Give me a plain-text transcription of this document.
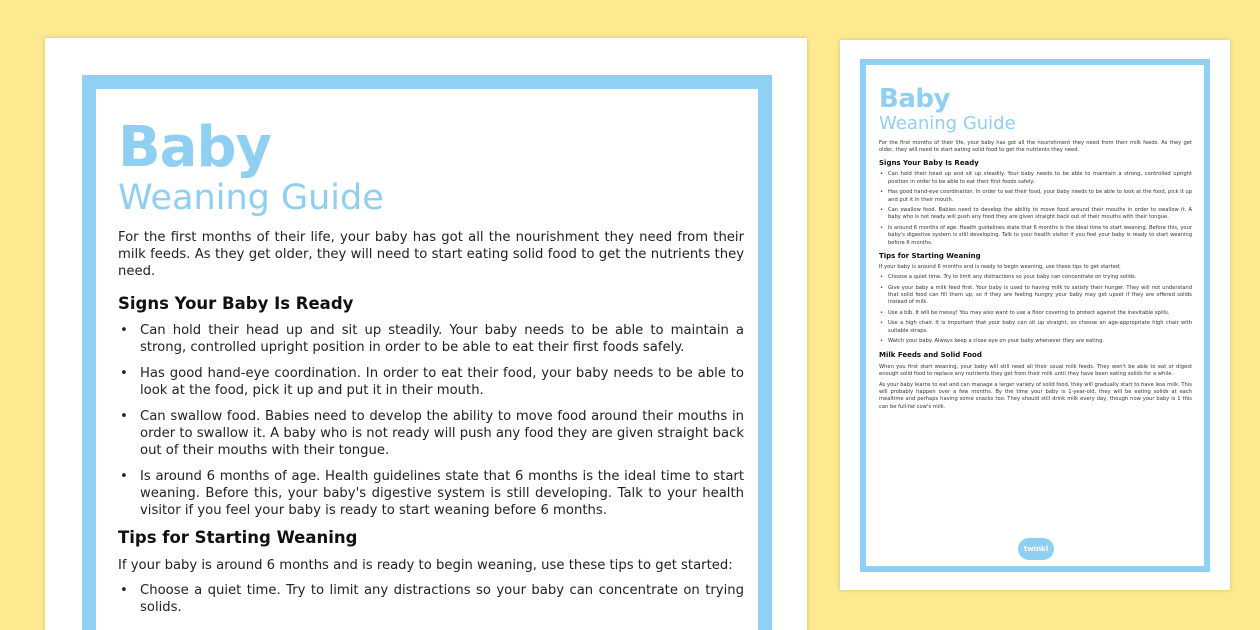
Baby
Weaning Guide

For the first months of their life, your baby has got all the nourishment they need from their milk feeds. As they get older, they will need to start eating solid food to get the nutrients they need.

Signs Your Baby Is Ready
• Can hold their head up and sit up steadily. Your baby needs to be able to maintain a strong, controlled upright position in order to be able to eat their first foods safely.
• Has good hand-eye coordination. In order to eat their food, your baby needs to be able to look at the food, pick it up and put it in their mouth.
• Can swallow food. Babies need to develop the ability to move food around their mouths in order to swallow it. A baby who is not ready will push any food they are given straight back out of their mouths with their tongue.
• Is around 6 months of age. Health guidelines state that 6 months is the ideal time to start weaning. Before this, your baby's digestive system is still developing. Talk to your health visitor if you feel your baby is ready to start weaning before 6 months.
Tips for Starting Weaning

If your baby is around 6 months and is ready to begin weaning, use these tips to get started:

• Choose a quiet time. Try to limit any distractions so your baby can concentrate on trying solids.
Baby
Weaning Guide

For the first months of their life, your baby has got all the nourishment they need from their milk feeds. As they get older, they will need to start eating solid food to get the nutrients they need.

Signs Your Baby Is Ready
• Can hold their head up and sit up steadily. Your baby needs to be able to maintain a strong, controlled upright position in order to be able to eat their first foods safely.
• Has good hand-eye coordination. In order to eat their food, your baby needs to be able to look at the food, pick it up and put it in their mouth.
• Can swallow food. Babies need to develop the ability to move food around their mouths in order to swallow it. A baby who is not ready will push any food they are given straight back out of their mouths with their tongue.
• Is around 6 months of age. Health guidelines state that 6 months is the ideal time to start weaning. Before this, your baby's digestive system is still developing. Talk to your health visitor if you feel your baby is ready to start weaning before 6 months.
Tips for Starting Weaning

If your baby is around 6 months and is ready to begin weaning, use these tips to get started:

• Choose a quiet time. Try to limit any distractions so your baby can concentrate on trying solids.
• Give your baby a milk feed first. Your baby is used to having milk to satisfy their hunger. They will not understand that solid food can fill them up, so if they are feeling hungry your baby may get upset if they are offered solids instead of milk.
• Use a bib. It will be messy! You may also want to use a floor covering to protect against the inevitable spills.
• Use a high chair. It is important that your baby can sit up straight, so choose an age-appropriate high chair with suitable straps.
• Watch your baby. Always keep a close eye on your baby whenever they are eating.
Milk Feeds and Solid Food

When you first start weaning, your baby will still need all their usual milk feeds. They won't be able to eat or digest enough solid food to replace any nutrients they get from their milk until they have been eating solids for a while.

As your baby learns to eat and can manage a larger variety of solid food, they will gradually start to have less milk. This will probably happen over a few months. By the time your baby is 1-year-old, they will be eating solids at each mealtime and perhaps having some snacks too. They should still drink milk every day, though now your baby is 1 this can be full-fat cow's milk.

twinkl
